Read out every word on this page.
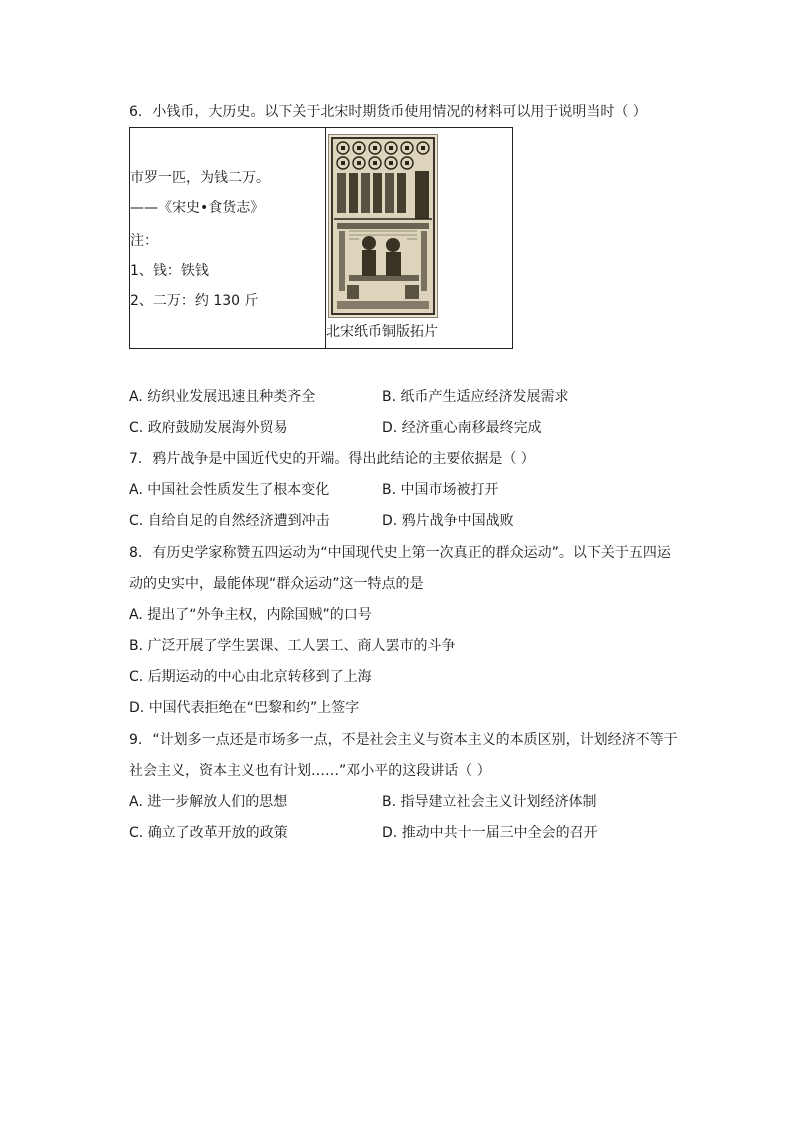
6. 小钱币，大历史。以下关于北宋时期货币使用情况的材料可以用于说明当时（ ）
市罗一匹，为钱二万。
——《宋史•食货志》
注：
1、钱：铁钱
2、二万：约 130 斤

北宋纸币铜版拓片
A. 纺织业发展迅速且种类齐全	B. 纸币产生适应经济发展需求
C. 政府鼓励发展海外贸易	D. 经济重心南移最终完成
7. 鸦片战争是中国近代史的开端。得出此结论的主要依据是（ ）
A. 中国社会性质发生了根本变化	B. 中国市场被打开
C. 自给自足的自然经济遭到冲击	D. 鸦片战争中国战败
8. 有历史学家称赞五四运动为“中国现代史上第一次真正的群众运动”。以下关于五四运
动的史实中，最能体现“群众运动”这一特点的是
A. 提出了“外争主权，内除国贼”的口号
B. 广泛开展了学生罢课、工人罢工、商人罢市的斗争
C. 后期运动的中心由北京转移到了上海
D. 中国代表拒绝在“巴黎和约”上签字
9. “计划多一点还是市场多一点，不是社会主义与资本主义的本质区别，计划经济不等于
社会主义，资本主义也有计划……”邓小平的这段讲话（ ）
A. 进一步解放人们的思想	B. 指导建立社会主义计划经济体制
C. 确立了改革开放的政策	D. 推动中共十一届三中全会的召开
